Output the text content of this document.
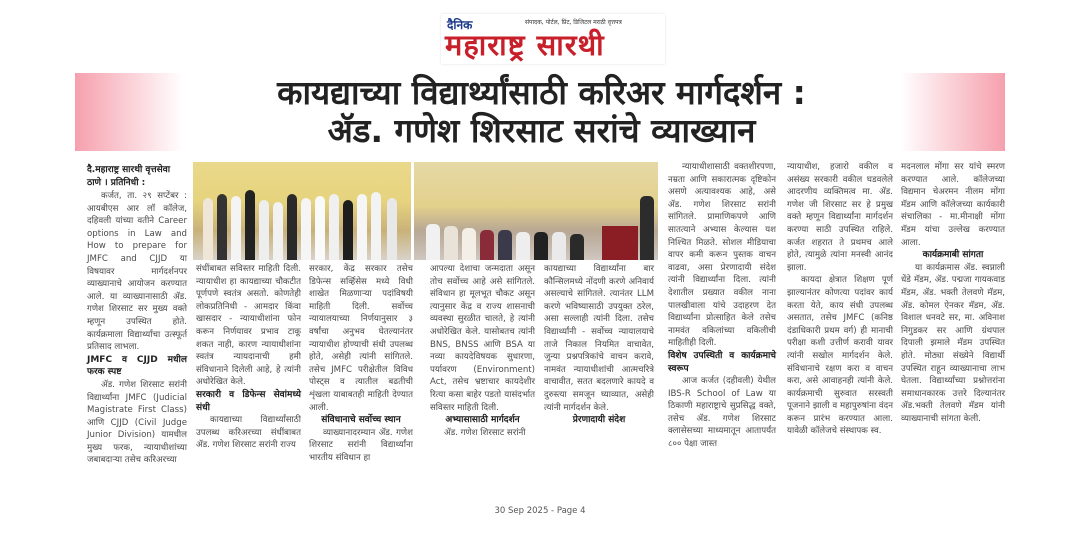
दैनिक	संपादक, पोर्टल, प्रिंट, डिजिटल मराठी वृत्तपत्र
महाराष्ट्र सारथी
कायद्याच्या विद्यार्थ्यांसाठी करिअर मार्गदर्शन :
ॲड. गणेश शिरसाट सरांचे व्याख्यान

दै.महाराष्ट्र सारथी वृत्तसेवा

ठाणे । प्रतिनिधी :

कर्जत, ता. २९ सप्टेंबर : आयबीएस आर लॉ कॉलेज, दहिवली यांच्या वतीने Career options in Law and How to prepare for JMFC and CJJD या विषयावर मार्गदर्शनपर व्याख्यानाचे आयोजन करण्यात आले. या व्याख्यानासाठी ॲड. गणेश शिरसाट सर मुख्य वक्ते म्हणून उपस्थित होते. कार्यक्रमाला विद्यार्थ्यांचा उत्स्फूर्त प्रतिसाद लाभला.

JMFC व CJJD मधील फरक स्पष्ट

ॲड. गणेश शिरसाट सरांनी विद्यार्थ्यांना JMFC (Judicial Magistrate First Class) आणि CJJD (Civil Judge Junior Division) यामधील मुख्य फरक, न्यायाधीशांच्या जबाबदाऱ्या तसेच करिअरच्या

संधींबाबत सविस्तर माहिती दिली. न्यायाधीश हा कायद्याच्या चौकटीत पूर्णपणे स्वतंत्र असतो. कोणतेही लोकप्रतिनिधी - आमदार किंवा खासदार - न्यायाधीशांना फोन करून निर्णयावर प्रभाव टाकू शकत नाही, कारण न्यायाधीशांना स्वतंत्र न्यायदानाची हमी संविधानाने दिलेली आहे, हे त्यांनी अधोरेखित केले.

सरकारी व डिफेन्स सेवांमध्ये संधी

कायद्याच्या विद्यार्थ्यांसाठी उपलब्ध करिअरच्या संधींबाबत ॲड. गणेश शिरसाट सरांनी राज्य

सरकार, केंद्र सरकार तसेच डिफेन्स सर्व्हिसेस मध्ये विधी शाखेत मिळणाऱ्या पदांविषयी माहिती दिली. सर्वोच्च न्यायालयाच्या निर्णयानुसार ३ वर्षांचा अनुभव घेतल्यानंतर न्यायाधीश होण्याची संधी उपलब्ध होते, असेही त्यांनी सांगितले. तसेच JMFC परीक्षेतील विविध पोस्ट्स व त्यातील बढतीची शृंखला याबाबतही माहिती देण्यात आली.

संविधानाचे सर्वोच्च स्थान

व्याख्यानादरम्यान ॲड. गणेश शिरसाट सरांनी विद्यार्थ्यांना भारतीय संविधान हा

आपल्या देशाचा जन्मदाता असून तोच सर्वोच्च आहे असे सांगितले. संविधान हा मूलभूत चौकट असून त्यानुसार केंद्र व राज्य शासनाची व्यवस्था सुरळीत चालते, हे त्यांनी अधोरेखित केले. यासोबतच त्यांनी BNS, BNSS आणि BSA या नव्या कायदेविषयक सुधारणा, पर्यावरण (Environment) Act, तसेच भ्रष्टाचार कायदेशीर रित्या कसा बाहेर पडतो यासंदर्भात सविस्तर माहिती दिली.

अभ्यासासाठी मार्गदर्शन

ॲड. गणेश शिरसाट सरांनी

कायद्याच्या विद्यार्थ्यांना बार कौन्सिलमध्ये नोंदणी करणे अनिवार्य असल्याचे सांगितले. त्यानंतर LLM करणे भविष्यासाठी उपयुक्त ठरेल, असा सल्लाही त्यांनी दिला. तसेच विद्यार्थ्यांनी - सर्वोच्च न्यायालयाचे ताजे निकाल नियमित वाचावेत, जुन्या प्रश्नपत्रिकांचे वाचन करावे, नामवंत न्यायाधीशांची आत्मचरित्रे वाचावीत, सतत बदलणारे कायदे व दुरुस्त्या समजून घ्याव्यात, असेही त्यांनी मार्गदर्शन केले.

प्रेरणादायी संदेश

न्यायाधीशासाठी वक्तशीरपणा, नम्रता आणि सकारात्मक दृष्टिकोन असणे अत्यावश्यक आहे, असे ॲड. गणेश शिरसाट सरांनी सांगितले. प्रामाणिकपणे आणि सातत्याने अभ्यास केल्यास यश निश्चित मिळते. सोशल मीडियाचा वापर कमी करून पुस्तक वाचन वाढवा, असा प्रेरणादायी संदेश त्यांनी विद्यार्थ्यांना दिला. त्यांनी देशातील प्रख्यात वकील नाना पालखीवाला यांचे उदाहरण देत विद्यार्थ्यांना प्रोत्साहित केले तसेच नामवंत वकिलांच्या वकिलीची माहितीही दिली.

विशेष उपस्थिती व कार्यक्रमाचे स्वरूप

आज कर्जत (दहीवली) येथील IBS-R School of Law या ठिकाणी महाराष्ट्राचे सुप्रसिद्ध वक्ते, तसेच ॲड. गणेश शिरसाट क्लासेसच्या माध्यमातून आतापर्यंत ८०० पेक्षा जास्त

न्यायाधीश, हजारो वकील व असंख्य सरकारी वकील घडवलेले आदरणीय व्यक्तिमत्व मा. ॲड. गणेश जी शिरसाट सर हे प्रमुख वक्ते म्हणून विद्यार्थ्यांना मार्गदर्शन करण्या साठी उपस्थित राहिले. कर्जत शहरात ते प्रथमच आले होते, त्यामुळे त्यांना मनस्वी आनंद झाला.

कायदा क्षेत्रात शिक्षण पूर्ण झाल्यानंतर कोणत्या पदांवर कार्य करता येते, काय संधी उपलब्ध असतात, तसेच JMFC (कनिष्ठ दंडाधिकारी प्रथम वर्ग) ही मानाची परीक्षा कशी उत्तीर्ण करावी यावर त्यांनी सखोल मार्गदर्शन केले. संविधानाचे रक्षण करा व वाचन करा, असे आवाहनही त्यांनी केले. कार्यक्रमाची सुरुवात सरस्वती पूजनाने झाली व महापुरुषांना वंदन करून प्रारंभ करण्यात आला. यावेळी कॉलेजचे संस्थापक स्व.

मदनलाल मोंगा सर यांचे स्मरण करण्यात आले. कॉलेजच्या विद्यमान चेअरमन नीलम मोंगा मॅडम आणि कॉलेजच्या कार्यकारी संचालिका - मा.मीनाक्षी मोंगा मॅडम यांचा उल्लेख करण्यात आला.

कार्यक्रमाबी सांगता

या कार्यक्रमास ॲड. स्वप्नाली धेंडे मॅडम, ॲड. पद्मजा गायकवाड मॅडम, ॲड. भक्ती तेलवणे मॅडम, ॲड. कोमल ऐनकर मॅडम, ॲड. विशाल धनवटे सर, मा. अविनाश निगुडकर सर आणि ग्रंथपाल दिपाली झमाले मॅडम उपस्थित होते. मोठ्या संख्येने विद्यार्थी उपस्थित राहून व्याख्यानाचा लाभ घेतला. विद्यार्थ्यांच्या प्रश्नोत्तरांना समाधानकारक उत्तरे दिल्यानंतर ॲड.भक्ती तेलवणे मॅडम यांनी व्याख्यानाची सांगता केली.

30 Sep 2025 - Page 4
